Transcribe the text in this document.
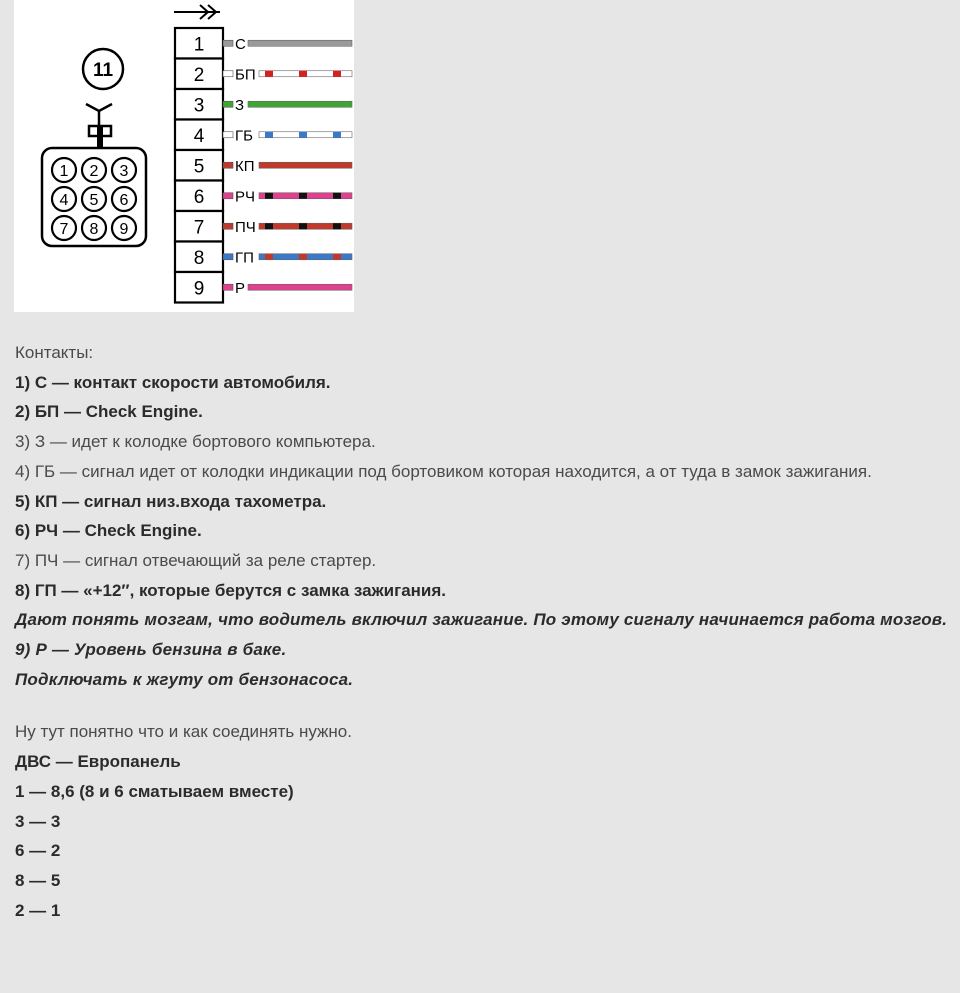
11
1 2 3
4 5 6
7 8 9
1 С
2 БП
3 З
4 ГБ
5 КП
6 РЧ
7 ПЧ
8 ГП
9 Р

Контакты:

1) С — контакт скорости автомобиля.

2) БП — Check Engine.

3) З — идет к колодке бортового компьютера.

4) ГБ — сигнал идет от колодки индикации под бортовиком которая находится, а от туда в замок зажигания.

5) КП — сигнал низ.входа тахометра.

6) РЧ — Check Engine.

7) ПЧ — сигнал отвечающий за реле стартер.

8) ГП — «+12″, которые берутся с замка зажигания.

Дают понять мозгам, что водитель включил зажигание. По этому сигналу начинается работа мозгов.

9) Р — Уровень бензина в баке.

Подключать к жгуту от бензонасоса.

Ну тут понятно что и как соединять нужно.

ДВС — Европанель

1 — 8,6 (8 и 6 сматываем вместе)

3 — 3

6 — 2

8 — 5

2 — 1
